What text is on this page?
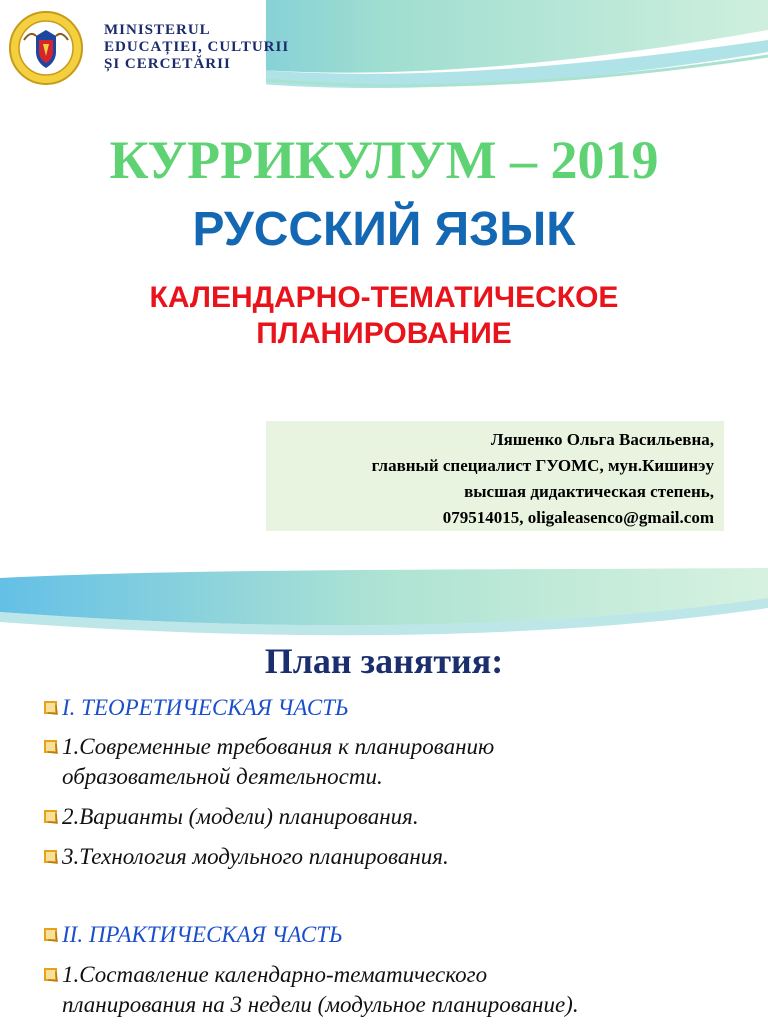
MINISTERUL
EDUCAȚIEI, CULTURII
ȘI CERCETĂRII
КУРРИКУЛУМ – 2019
РУССКИЙ ЯЗЫК
КАЛЕНДАРНО-ТЕМАТИЧЕСКОЕ
ПЛАНИРОВАНИЕ
Ляшенко Ольга Васильевна,
главный специалист ГУОМС, мун.Кишинэу
высшая дидактическая степень,
079514015, oligaleasenco@gmail.com
План занятия:
I. ТЕОРЕТИЧЕСКАЯ ЧАСТЬ
1.Современные требования к планированию
образовательной деятельности.
2.Варианты (модели) планирования.
3.Технология модульного планирования.
II. ПРАКТИЧЕСКАЯ ЧАСТЬ
1.Составление календарно-тематического
планирования на 3 недели (модульное планирование).
